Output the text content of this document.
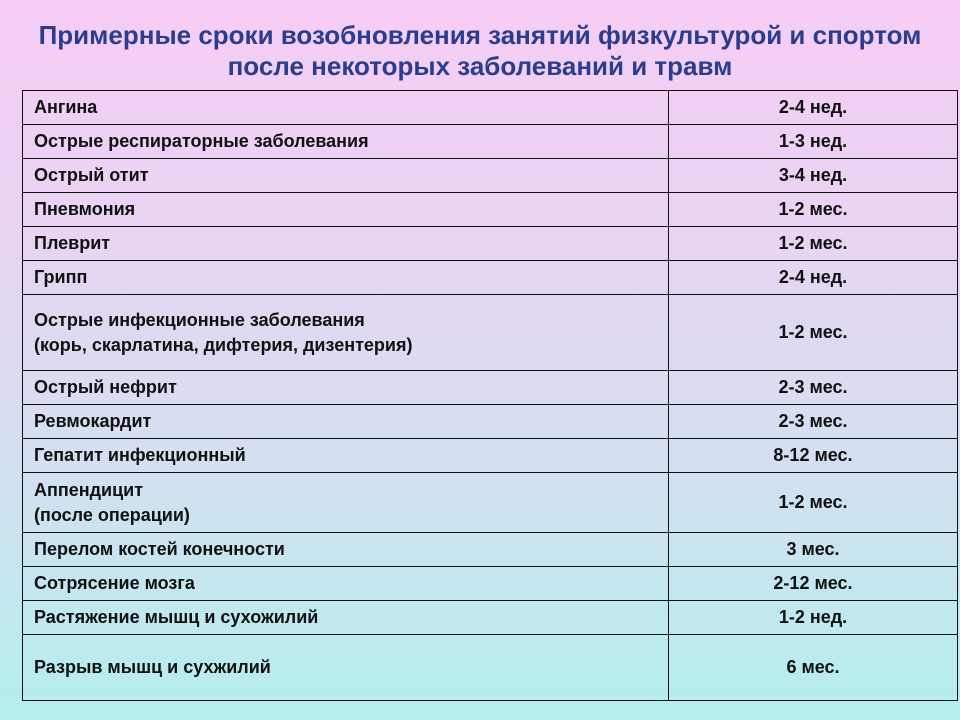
Примерные сроки возобновления занятий физкультурой и спортом
после некоторых заболеваний и травм
Ангина	2-4 нед.
Острые респираторные заболевания	1-3 нед.
Острый отит	3-4 нед.
Пневмония	1-2 мес.
Плеврит	1-2 мес.
Грипп	2-4 нед.
Острые инфекционные заболевания
(корь, скарлатина, дифтерия, дизентерия)	1-2 мес.
Острый нефрит	2-3 мес.
Ревмокардит	2-3 мес.
Гепатит инфекционный	8-12 мес.
Аппендицит
(после операции)	1-2 мес.
Перелом костей конечности	3 мес.
Сотрясение мозга	2-12 мес.
Растяжение мышц и сухожилий	1-2 нед.
Разрыв мышц и сухжилий	6 мес.
